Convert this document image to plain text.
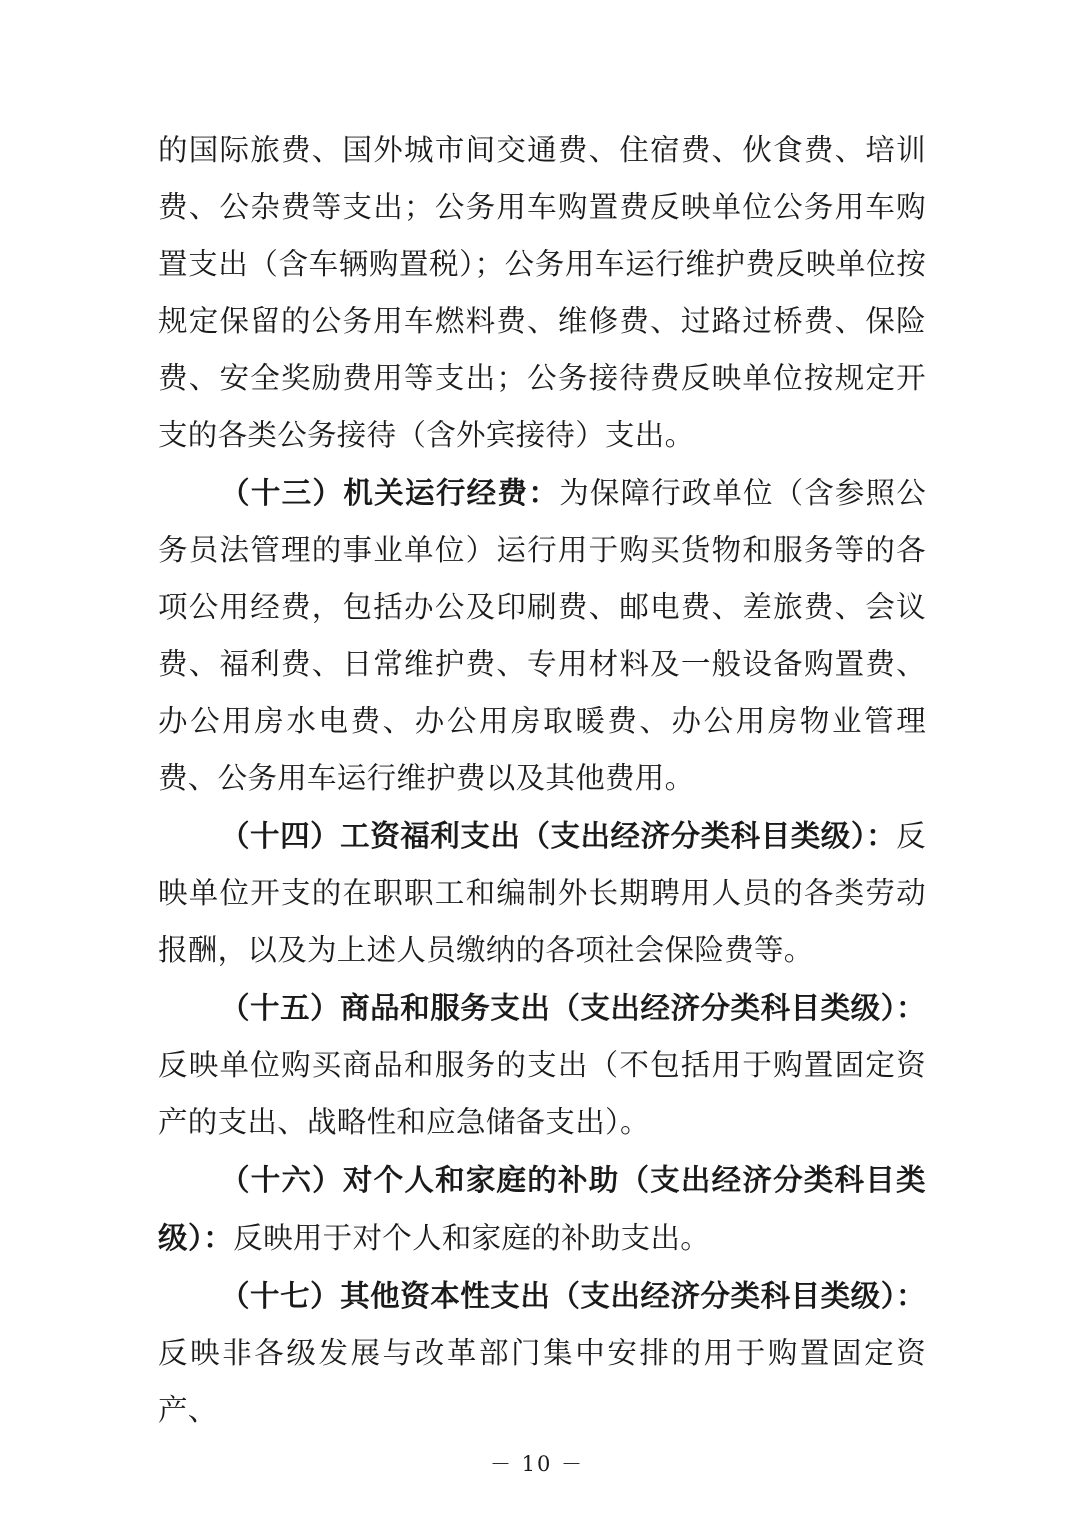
的国际旅费、国外城市间交通费、住宿费、伙食费、培训费、公杂费等支出；公务用车购置费反映单位公务用车购置支出（含车辆购置税）；公务用车运行维护费反映单位按规定保留的公务用车燃料费、维修费、过路过桥费、保险费、安全奖励费用等支出；公务接待费反映单位按规定开支的各类公务接待（含外宾接待）支出。

（十三）机关运行经费：为保障行政单位（含参照公务员法管理的事业单位）运行用于购买货物和服务等的各项公用经费，包括办公及印刷费、邮电费、差旅费、会议费、福利费、日常维护费、专用材料及一般设备购置费、办公用房水电费、办公用房取暖费、办公用房物业管理费、公务用车运行维护费以及其他费用。

（十四）工资福利支出（支出经济分类科目类级）：反映单位开支的在职职工和编制外长期聘用人员的各类劳动报酬，以及为上述人员缴纳的各项社会保险费等。

（十五）商品和服务支出（支出经济分类科目类级）：反映单位购买商品和服务的支出（不包括用于购置固定资产的支出、战略性和应急储备支出）。

（十六）对个人和家庭的补助（支出经济分类科目类级）：反映用于对个人和家庭的补助支出。

（十七）其他资本性支出（支出经济分类科目类级）：反映非各级发展与改革部门集中安排的用于购置固定资产、

－ 10 －
